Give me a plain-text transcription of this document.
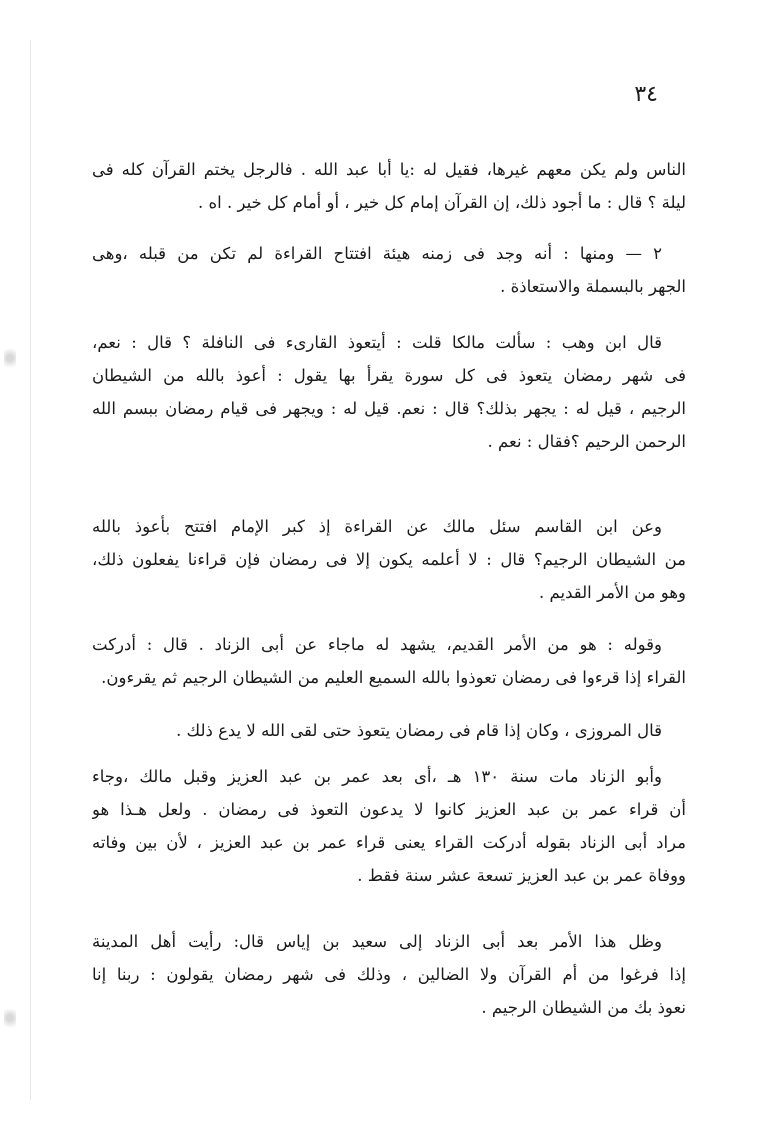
٣٤
الناس ولم يكن معهم غيرها، فقيل له :يا أبا عبد الله . فالرجل يختم القرآن كله فى
ليلة ؟ قال : ما أجود ذلك، إن القرآن إمام كل خير ، أو أمام كل خير . اه .
٢ — ومنها : أنه وجد فى زمنه هيئة افتتاح القراءة لم تكن من قبله ،وهى
الجهر بالبسملة والاستعاذة .
قال ابن وهب : سألت مالكا قلت : أيتعوذ القارىء فى النافلة ؟ قال : نعم،
فى شهر رمضان يتعوذ فى كل سورة يقرأ بها يقول : أعوذ بالله من الشيطان
الرجيم ، قيل له : يجهر بذلك؟ قال : نعم. قيل له : ويجهر فى قيام رمضان ببسم الله
الرحمن الرحيم ؟فقال : نعم .
وعن ابن القاسم سئل مالك عن القراءة إذ كبر الإمام افتتح بأعوذ بالله
من الشيطان الرجيم؟ قال : لا أعلمه يكون إلا فى رمضان فإن قراءنا يفعلون ذلك،
وهو من الأمر القديم .
وقوله : هو من الأمر القديم، يشهد له ماجاء عن أبى الزناد . قال : أدركت
القراء إذا قرءوا فى رمضان تعوذوا بالله السميع العليم من الشيطان الرجيم ثم يقرءون.
قال المروزى ، وكان إذا قام فى رمضان يتعوذ حتى لقى الله لا يدع ذلك .
وأبو الزناد مات سنة ١٣٠ هـ ،أى بعد عمر بن عبد العزيز وقبل مالك ،وجاء
أن قراء عمر بن عبد العزيز كانوا لا يدعون التعوذ فى رمضان . ولعل هـذا هو
مراد أبى الزناد بقوله أدركت القراء يعنى قراء عمر بن عبد العزيز ، لأن بين وفاته
ووفاة عمر بن عبد العزيز تسعة عشر سنة فقط .
وظل هذا الأمر بعد أبى الزناد إلى سعيد بن إياس قال: رأيت أهل المدينة
إذا فرغوا من أم القرآن ولا الضالين ، وذلك فى شهر رمضان يقولون : ربنا إنا
نعوذ بك من الشيطان الرجيم .
